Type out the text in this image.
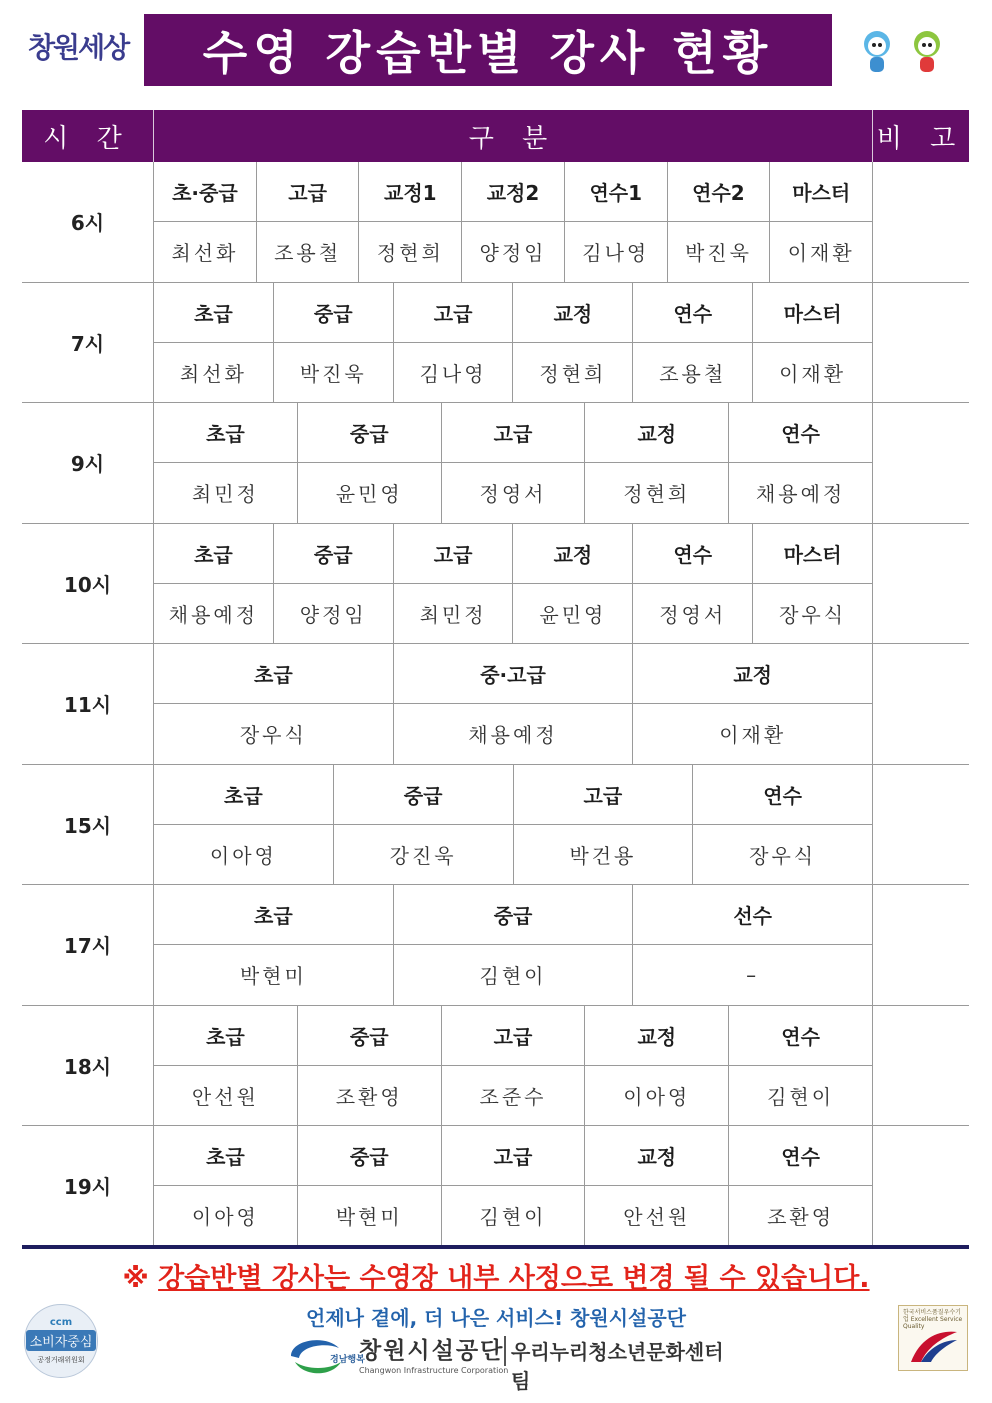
창원세상 수영 강습반별 강사 현황
시 간	구 분	비 고
6시
초·중급	고급	교정1	교정2	연수1	연수2	마스터
최선화	조용철	정현희	양정임	김나영	박진욱	이재환
7시
초급	중급	고급	교정	연수	마스터
최선화	박진욱	김나영	정현희	조용철	이재환
9시
초급	중급	고급	교정	연수
최민정	윤민영	정영서	정현희	채용예정
10시
초급	중급	고급	교정	연수	마스터
채용예정	양정임	최민정	윤민영	정영서	장우식
11시
초급	중·고급	교정
장우식	채용예정	이재환
15시
초급	중급	고급	연수
이아영	강진욱	박건용	장우식
17시
초급	중급	선수
박현미	김현이	–
18시
초급	중급	고급	교정	연수
안선원	조환영	조준수	이아영	김현이
19시
초급	중급	고급	교정	연수
이아영	박현미	김현이	안선원	조환영
※ 강습반별 강사는 수영장 내부 사정으로 변경 될 수 있습니다.
ccm
소비자중심
공정거래위원회
언제나 곁에, 더 나은 서비스! 창원시설공단
경남행복
창원시설공단
Changwon Infrastructure Corporation
우리누리청소년문화센터팀
한국서비스품질우수기업 Excellent Service Quality
